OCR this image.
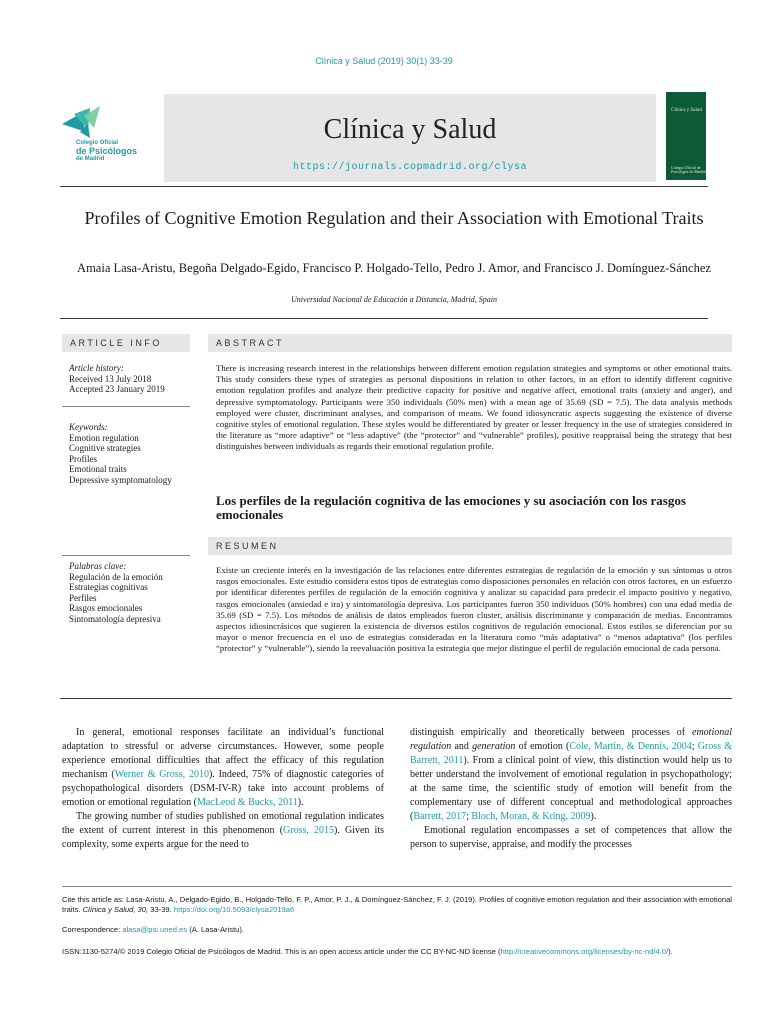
Clínica y Salud (2019) 30(1) 33-39
Colegio Oficial
de Psicólogos
de Madrid
Clínica y Salud
https://journals.copmadrid.org/clysa
Clínica y Salud
Colegio Oficial de Psicólogos de Madrid
Profiles of Cognitive Emotion Regulation and their Association with Emotional Traits
Amaia Lasa-Aristu, Begoña Delgado-Egido, Francisco P. Holgado-Tello, Pedro J. Amor, and Francisco J. Domínguez-Sánchez
Universidad Nacional de Educación a Distancia, Madrid, Spain
ARTICLE INFO
Article history:
Received 13 July 2018
Accepted 23 January 2019
Keywords:
Emotion regulation
Cognitive strategies
Profiles
Emotional traits
Depressive symptomatology
Palabras clave:
Regulación de la emoción
Estrategias cognitivas
Perfiles
Rasgos emocionales
Sintomatología depresiva
ABSTRACT
There is increasing research interest in the relationships between different emotion regulation strategies and symptoms or other emotional traits. This study considers these types of strategies as personal dispositions in relation to other factors, in an effort to identify different cognitive emotion regulation profiles and analyze their predictive capacity for positive and negative affect, emotional traits (anxiety and anger), and depressive symptomatology. Participants were 350 individuals (50% men) with a mean age of 35.69 (SD = 7.5). The data analysis methods employed were cluster, discriminant analyses, and comparison of means. We found idiosyncratic aspects suggesting the existence of diverse cognitive styles of emotional regulation. These styles would be differentiated by greater or lesser frequency in the use of strategies considered in the literature as “more adaptive” or “less adaptive” (the “protector” and “vulnerable” profiles), positive reappraisal being the strategy that best distinguishes between individuals as regards their emotional regulation profile.
Los perfiles de la regulación cognitiva de las emociones y su asociación con los rasgos emocionales
RESUMEN
Existe un creciente interés en la investigación de las relaciones entre diferentes estrategias de regulación de la emoción y sus síntomas u otros rasgos emocionales. Este estudio considera estos tipos de estrategias como disposiciones personales en relación con otros factores, en un esfuerzo por identificar diferentes perfiles de regulación de la emoción cognitiva y analizar su capacidad para predecir el impacto positivo y negativo, rasgos emocionales (ansiedad e ira) y sintomatología depresiva. Los participantes fueron 350 individuos (50% hombres) con una edad media de 35.69 (SD = 7.5). Los métodos de análisis de datos empleados fueron cluster, análisis discriminante y comparación de medias. Encontramos aspectos idiosincrásicos que sugieren la existencia de diversos estilos cognitivos de regulación emocional. Estos estilos se diferencian por su mayor o menor frecuencia en el uso de estrategias consideradas en la literatura como “más adaptativa” o “menos adaptativa” (los perfiles “protector” y “vulnerable”), siendo la reevaluación positiva la estrategia que mejor distingue el perfil de regulación emocional de cada persona.

In general, emotional responses facilitate an individual’s functional adaptation to stressful or adverse circumstances. However, some people experience emotional difficulties that affect the efficacy of this regulation mechanism (Werner & Gross, 2010). Indeed, 75% of diagnostic categories of psychopathological disorders (DSM-IV-R) take into account problems of emotion or emotional regulation (MacLeod & Bucks, 2011).

The growing number of studies published on emotional regulation indicates the extent of current interest in this phenomenon (Gross, 2015). Given its complexity, some experts argue for the need to

distinguish empirically and theoretically between processes of emotional regulation and generation of emotion (Cole, Martin, & Dennis, 2004; Gross & Barrett, 2011). From a clinical point of view, this distinction would help us to better understand the involvement of emotional regulation in psychopathology; at the same time, the scientific study of emotion will benefit from the complementary use of different conceptual and methodological approaches (Barrett, 2017; Bloch, Moran, & Kring, 2009).

Emotional regulation encompasses a set of competences that allow the person to supervise, appraise, and modify the processes

Cite this article as: Lasa-Aristu, A., Delgado-Egido, B., Holgado-Tello, F. P., Amor, P. J., & Domínguez-Sánchez, F. J. (2019). Profiles of cognitive emotion regulation and their association with emotional traits. Clínica y Salud, 30, 33-39. https://doi.org/10.5093/clysa2019a6
Correspondence: alasa@psi.uned.es (A. Lasa-Aristu).
ISSN:1130-5274/© 2019 Colegio Oficial de Psicólogos de Madrid. This is an open access article under the CC BY-NC-ND license (http://creativecommons.org/licenses/by-nc-nd/4.0/).
